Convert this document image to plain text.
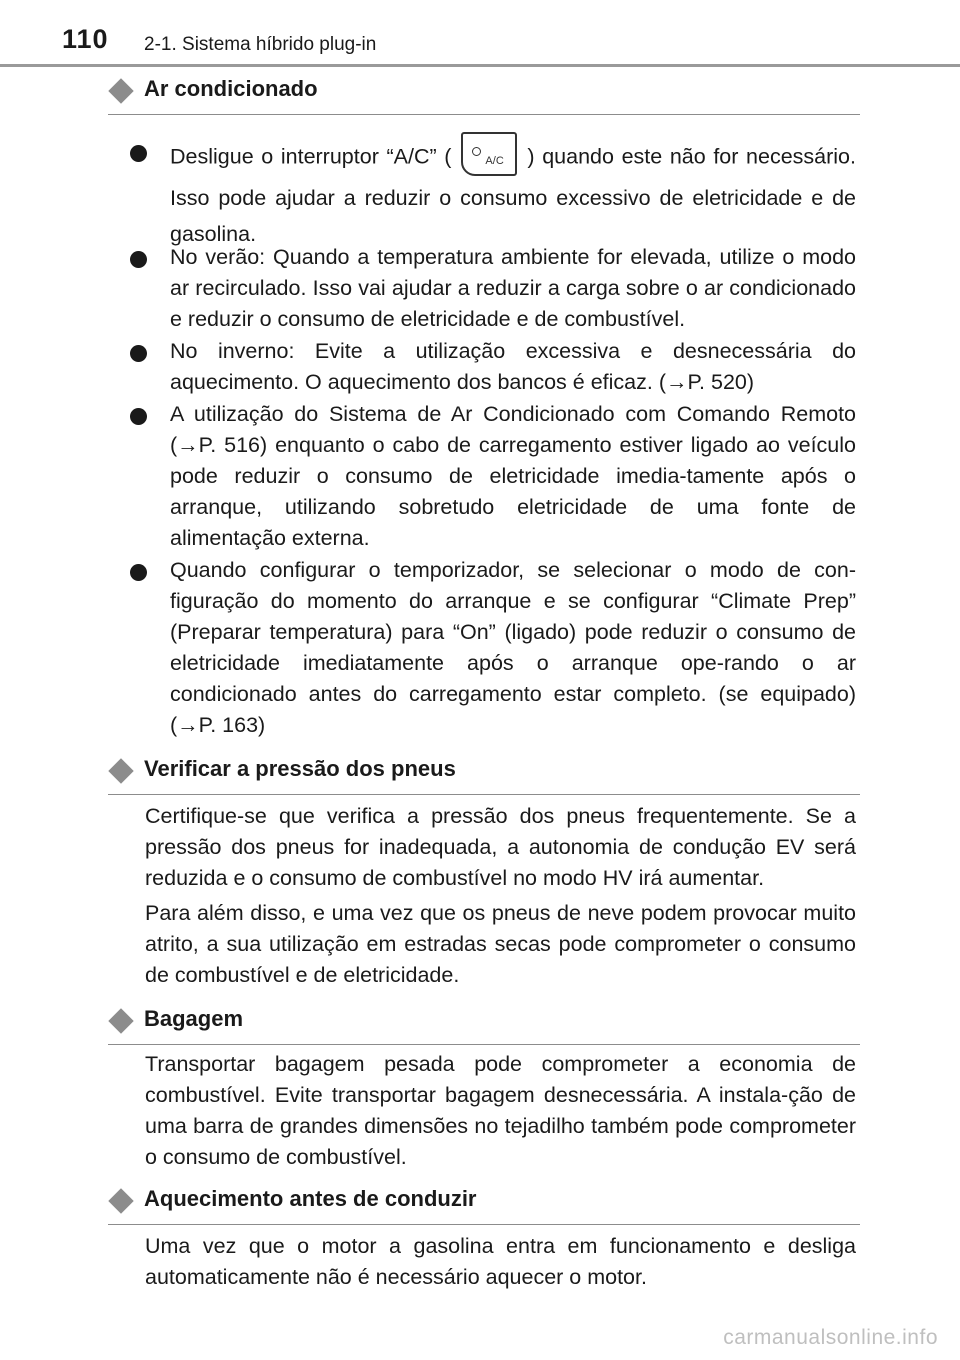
110 2-1. Sistema híbrido plug-in
Ar condicionado
Desligue o interruptor “A/C” (	A/C ) quando este não for necessário. Isso pode ajudar a reduzir o consumo excessivo de eletricidade e de gasolina.
No verão: Quando a temperatura ambiente for elevada, utilize o modo ar recirculado. Isso vai ajudar a reduzir a carga sobre o ar condicionado e reduzir o consumo de eletricidade e de combustível.
No inverno: Evite a utilização excessiva e desnecessária do aquecimento. O aquecimento dos bancos é eficaz. (→P. 520)
A utilização do Sistema de Ar Condicionado com Comando Remoto (→P. 516) enquanto o cabo de carregamento estiver ligado ao veículo pode reduzir o consumo de eletricidade imedia-tamente após o arranque, utilizando sobretudo eletricidade de uma fonte de alimentação externa.
Quando configurar o temporizador, se selecionar o modo de con-figuração do momento do arranque e se configurar “Climate Prep” (Preparar temperatura) para “On” (ligado) pode reduzir o consumo de eletricidade imediatamente após o arranque ope-rando o ar condicionado antes do carregamento estar completo. (se equipado) (→P. 163)
Verificar a pressão dos pneus
Certifique-se que verifica a pressão dos pneus frequentemente. Se a pressão dos pneus for inadequada, a autonomia de condução EV será reduzida e o consumo de combustível no modo HV irá aumentar.
Para além disso, e uma vez que os pneus de neve podem provocar muito atrito, a sua utilização em estradas secas pode comprometer o consumo de combustível e de eletricidade.
Bagagem
Transportar bagagem pesada pode comprometer a economia de combustível. Evite transportar bagagem desnecessária. A instala-ção de uma barra de grandes dimensões no tejadilho também pode comprometer o consumo de combustível.
Aquecimento antes de conduzir
Uma vez que o motor a gasolina entra em funcionamento e desliga automaticamente não é necessário aquecer o motor.
carmanualsonline.info
